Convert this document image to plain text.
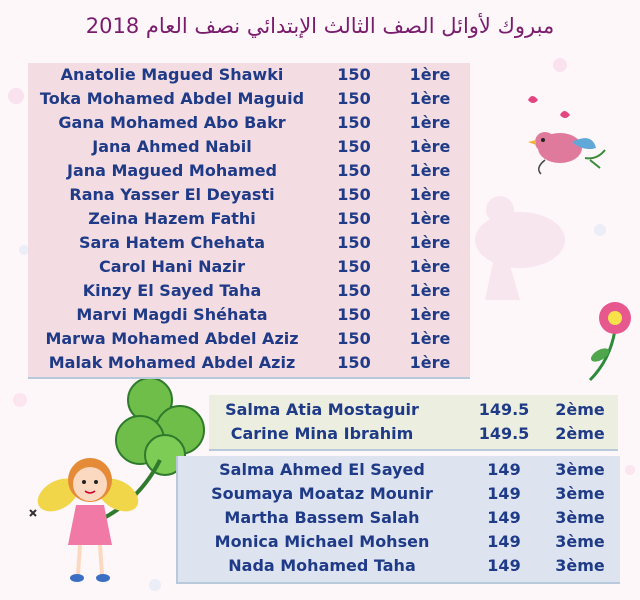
مبروك لأوائل الصف الثالث الإبتدائي نصف العام 2018
Anatolie Magued Shawki	150	1ère
Toka Mohamed Abdel Maguid	150	1ère
Gana Mohamed Abo Bakr	150	1ère
Jana Ahmed Nabil	150	1ère
Jana Magued Mohamed	150	1ère
Rana Yasser El Deyasti	150	1ère
Zeina Hazem Fathi	150	1ère
Sara Hatem Chehata	150	1ère
Carol Hani Nazir	150	1ère
Kinzy El Sayed Taha	150	1ère
Marvi Magdi Shéhata	150	1ère
Marwa Mohamed Abdel Aziz	150	1ère
Malak Mohamed Abdel Aziz	150	1ère
Salma Atia Mostaguir	149.5	2ème
Carine Mina Ibrahim	149.5	2ème
Salma Ahmed El Sayed	149	3ème
Soumaya Moataz Mounir	149	3ème
Martha Bassem Salah	149	3ème
Monica Michael Mohsen	149	3ème
Nada Mohamed Taha	149	3ème
